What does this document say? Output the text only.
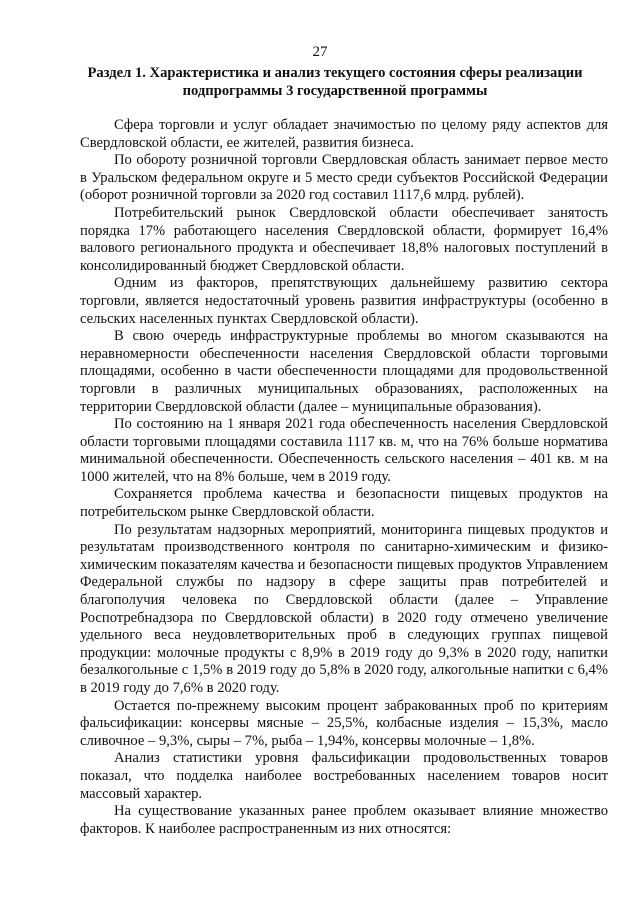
27
Раздел 1. Характеристика и анализ текущего состояния сферы реализации подпрограммы 3 государственной программы

Сфера торговли и услуг обладает значимостью по целому ряду аспектов для Свердловской области, ее жителей, развития бизнеса.

По обороту розничной торговли Свердловская область занимает первое место в Уральском федеральном округе и 5 место среди субъектов Российской Федерации (оборот розничной торговли за 2020 год составил 1117,6 млрд. рублей).

Потребительский рынок Свердловской области обеспечивает занятость порядка 17% работающего населения Свердловской области, формирует 16,4% валового регионального продукта и обеспечивает 18,8% налоговых поступлений в консолидированный бюджет Свердловской области.

Одним из факторов, препятствующих дальнейшему развитию сектора торговли, является недостаточный уровень развития инфраструктуры (особенно в сельских населенных пунктах Свердловской области).

В свою очередь инфраструктурные проблемы во многом сказываются на неравномерности обеспеченности населения Свердловской области торговыми площадями, особенно в части обеспеченности площадями для продовольственной торговли в различных муниципальных образованиях, расположенных на территории Свердловской области (далее – муниципальные образования).

По состоянию на 1 января 2021 года обеспеченность населения Свердловской области торговыми площадями составила 1117 кв. м, что на 76% больше норматива минимальной обеспеченности. Обеспеченность сельского населения – 401 кв. м на 1000 жителей, что на 8% больше, чем в 2019 году.

Сохраняется проблема качества и безопасности пищевых продуктов на потребительском рынке Свердловской области.

По результатам надзорных мероприятий, мониторинга пищевых продуктов и результатам производственного контроля по санитарно-химическим и физико-химическим показателям качества и безопасности пищевых продуктов Управлением Федеральной службы по надзору в сфере защиты прав потребителей и благополучия человека по Свердловской области (далее – Управление Роспотребнадзора по Свердловской области) в 2020 году отмечено увеличение удельного веса неудовлетворительных проб в следующих группах пищевой продукции: молочные продукты с 8,9% в 2019 году до 9,3% в 2020 году, напитки безалкогольные с 1,5% в 2019 году до 5,8% в 2020 году, алкогольные напитки с 6,4% в 2019 году до 7,6% в 2020 году.

Остается по-прежнему высоким процент забракованных проб по критериям фальсификации: консервы мясные – 25,5%, колбасные изделия – 15,3%, масло сливочное – 9,3%, сыры – 7%, рыба – 1,94%, консервы молочные – 1,8%.

Анализ статистики уровня фальсификации продовольственных товаров показал, что подделка наиболее востребованных населением товаров носит массовый характер.

На существование указанных ранее проблем оказывает влияние множество факторов. К наиболее распространенным из них относятся:
